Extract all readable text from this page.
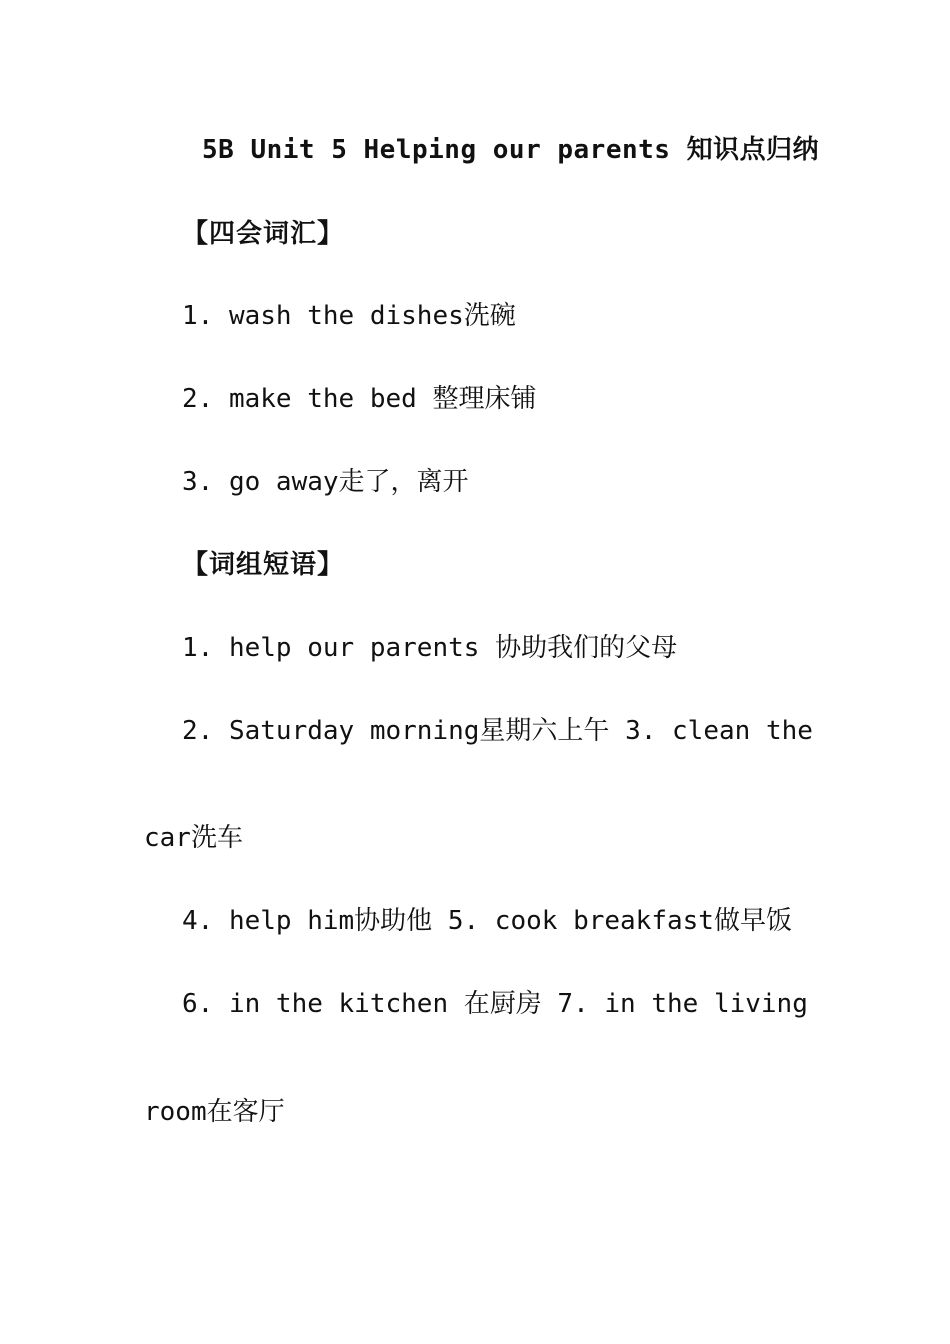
5B Unit 5 Helping our parents 知识点归纳
【四会词汇】
1. wash the dishes洗碗
2. make the bed 整理床铺
3. go away走了，离开
【词组短语】
1. help our parents 协助我们的父母
2. Saturday morning星期六上午 3. clean the
car洗车
4. help him协助他 5. cook breakfast做早饭
6. in the kitchen 在厨房 7. in the living
room在客厅
